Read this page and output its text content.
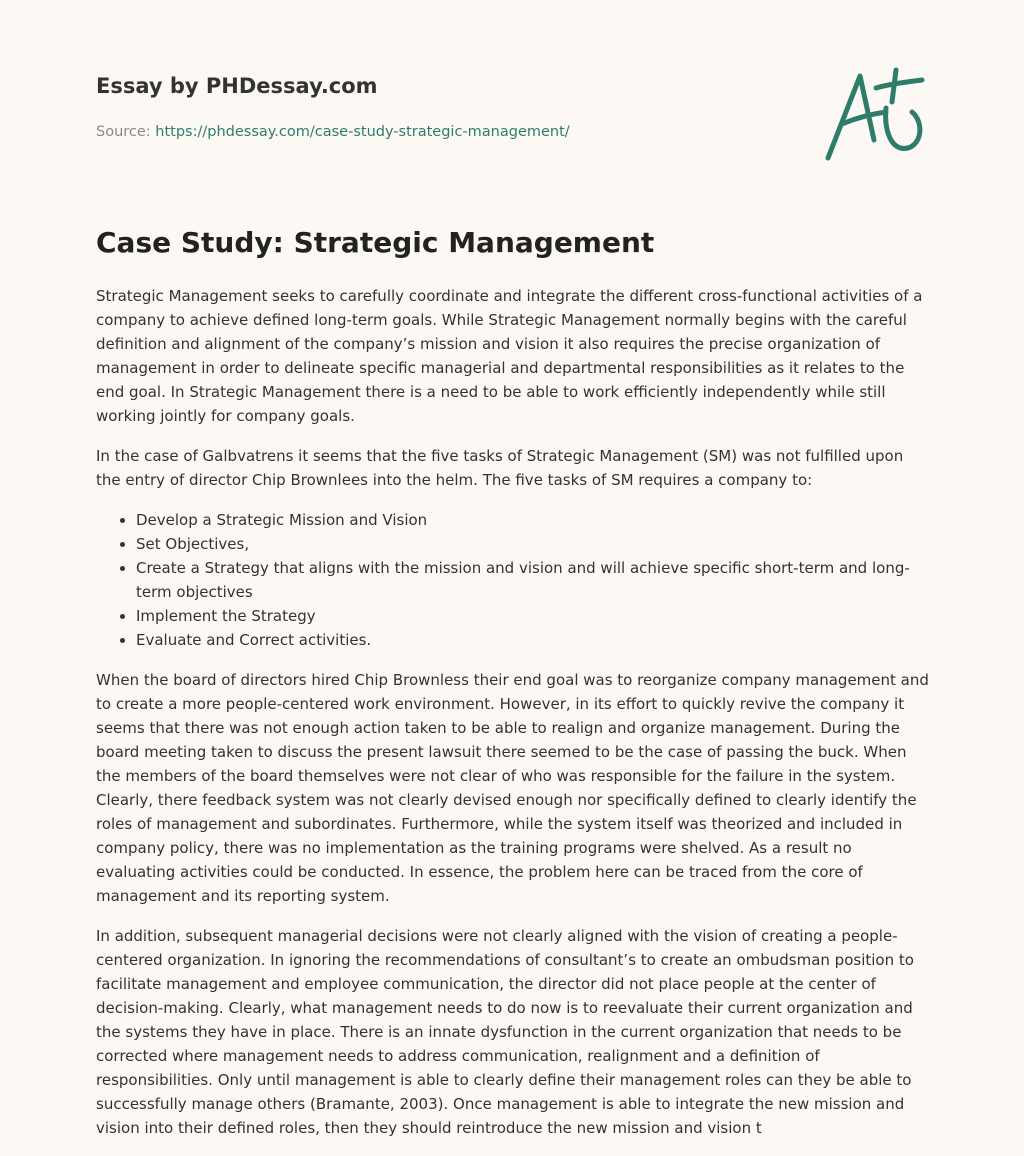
Essay by PHDessay.com
Source: https://phdessay.com/case-study-strategic-management/
Case Study: Strategic Management

Strategic Management seeks to carefully coordinate and integrate the different cross-functional activities of a company to achieve defined long-term goals. While Strategic Management normally begins with the careful definition and alignment of the company’s mission and vision it also requires the precise organization of management in order to delineate specific managerial and departmental responsibilities as it relates to the end goal. In Strategic Management there is a need to be able to work efficiently independently while still working jointly for company goals.

In the case of Galbvatrens it seems that the five tasks of Strategic Management (SM) was not fulfilled upon the entry of director Chip Brownlees into the helm. The five tasks of SM requires a company to:

• Develop a Strategic Mission and Vision
• Set Objectives,
• Create a Strategy that aligns with the mission and vision and will achieve specific short-term and long-term objectives
• Implement the Strategy
• Evaluate and Correct activities.

When the board of directors hired Chip Brownless their end goal was to reorganize company management and to create a more people-centered work environment. However, in its effort to quickly revive the company it seems that there was not enough action taken to be able to realign and organize management. During the board meeting taken to discuss the present lawsuit there seemed to be the case of passing the buck. When the members of the board themselves were not clear of who was responsible for the failure in the system. Clearly, there feedback system was not clearly devised enough nor specifically defined to clearly identify the roles of management and subordinates. Furthermore, while the system itself was theorized and included in company policy, there was no implementation as the training programs were shelved. As a result no evaluating activities could be conducted. In essence, the problem here can be traced from the core of management and its reporting system.

In addition, subsequent managerial decisions were not clearly aligned with the vision of creating a people-centered organization. In ignoring the recommendations of consultant’s to create an ombudsman position to facilitate management and employee communication, the director did not place people at the center of decision-making. Clearly, what management needs to do now is to reevaluate their current organization and the systems they have in place. There is an innate dysfunction in the current organization that needs to be corrected where management needs to address communication, realignment and a definition of responsibilities. Only until management is able to clearly define their management roles can they be able to successfully manage others (Bramante, 2003). Once management is able to integrate the new mission and vision into their defined roles, then they should reintroduce the new mission and vision t
